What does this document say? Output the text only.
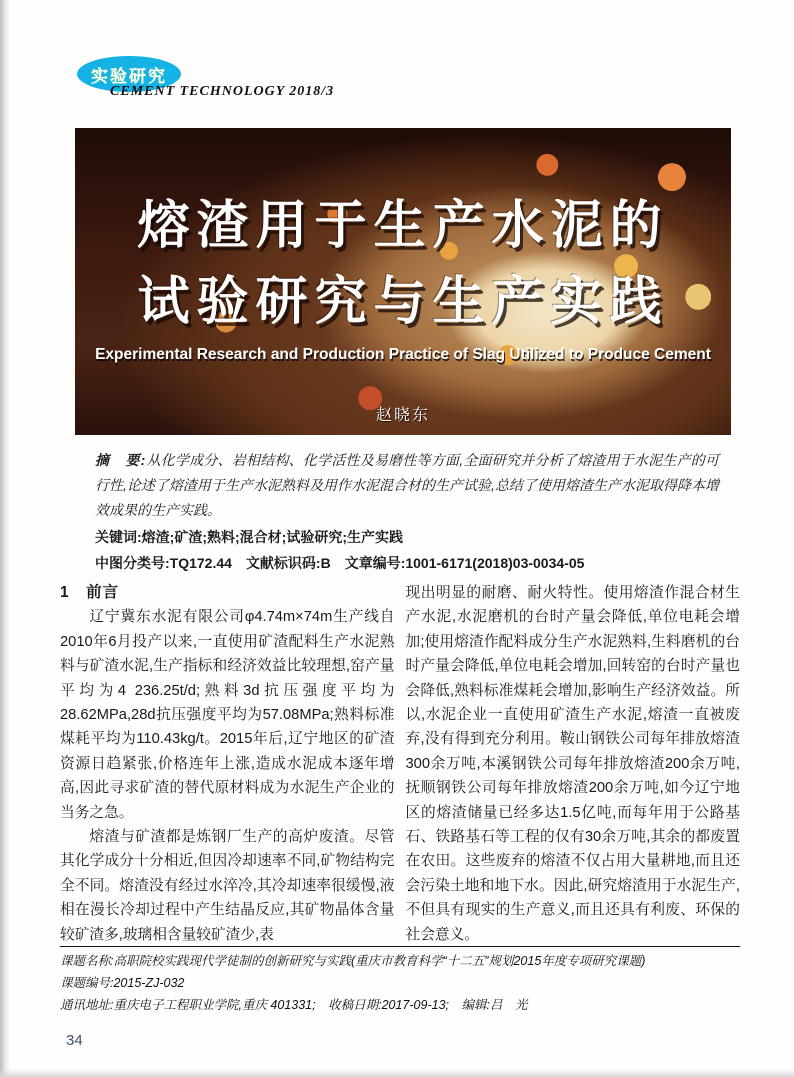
实验研究
CEMENT TECHNOLOGY 2018/3
熔渣用于生产水泥的
试验研究与生产实践
Experimental Research and Production Practice of Slag Utilized to Produce Cement
赵晓东

摘　要:从化学成分、岩相结构、化学活性及易磨性等方面,全面研究并分析了熔渣用于水泥生产的可行性,论述了熔渣用于生产水泥熟料及用作水泥混合材的生产试验,总结了使用熔渣生产水泥取得降本增效成果的生产实践。

关键词:熔渣;矿渣;熟料;混合材;试验研究;生产实践

中图分类号:TQ172.44　文献标识码:B　文章编号:1001-6171(2018)03-0034-05

1　前言

辽宁冀东水泥有限公司φ4.74m×74m生产线自2010年6月投产以来,一直使用矿渣配料生产水泥熟料与矿渣水泥,生产指标和经济效益比较理想,窑产量平均为4 236.25t/d;熟料3d抗压强度平均为28.62MPa,28d抗压强度平均为57.08MPa;熟料标准煤耗平均为110.43kg/t。2015年后,辽宁地区的矿渣资源日趋紧张,价格连年上涨,造成水泥成本逐年增高,因此寻求矿渣的替代原材料成为水泥生产企业的当务之急。

熔渣与矿渣都是炼钢厂生产的高炉废渣。尽管其化学成分十分相近,但因冷却速率不同,矿物结构完全不同。熔渣没有经过水淬冷,其冷却速率很缓慢,液相在漫长冷却过程中产生结晶反应,其矿物晶体含量较矿渣多,玻璃相含量较矿渣少,表

现出明显的耐磨、耐火特性。使用熔渣作混合材生产水泥,水泥磨机的台时产量会降低,单位电耗会增加;使用熔渣作配料成分生产水泥熟料,生料磨机的台时产量会降低,单位电耗会增加,回转窑的台时产量也会降低,熟料标准煤耗会增加,影响生产经济效益。所以,水泥企业一直使用矿渣生产水泥,熔渣一直被废弃,没有得到充分利用。鞍山钢铁公司每年排放熔渣300余万吨,本溪钢铁公司每年排放熔渣200余万吨,抚顺钢铁公司每年排放熔渣200余万吨,如今辽宁地区的熔渣储量已经多达1.5亿吨,而每年用于公路基石、铁路基石等工程的仅有30余万吨,其余的都废置在农田。这些废弃的熔渣不仅占用大量耕地,而且还会污染土地和地下水。因此,研究熔渣用于水泥生产,不但具有现实的生产意义,而且还具有利废、环保的社会意义。

课题名称:高职院校实践现代学徒制的创新研究与实践(重庆市教育科学“十二五”规划2015年度专项研究课题)

课题编号:2015-ZJ-032

通讯地址:重庆电子工程职业学院,重庆 401331;　收稿日期:2017-09-13;　编辑:吕　光

34
